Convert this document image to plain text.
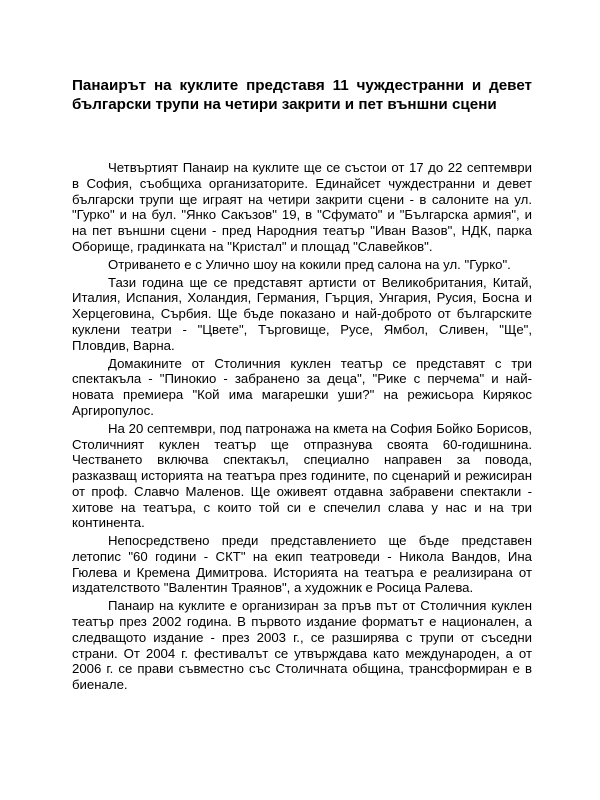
Панаирът на куклите представя 11 чуждестранни и девет български трупи на четири закрити и пет външни сцени

Четвъртият Панаир на куклите ще се състои от 17 до 22 септември в София, съобщиха организаторите. Единайсет чуждестранни и девет български трупи ще играят на четири закрити сцени - в салоните на ул. "Гурко" и на бул. "Янко Сакъзов" 19, в "Сфумато" и "Българска армия", и на пет външни сцени - пред Народния театър "Иван Вазов", НДК, парка Оборище, градинката на "Кристал" и площад "Славейков".

Отриването е с Улично шоу на кокили пред салона на ул. "Гурко".

Тази година ще се представят артисти от Великобритания, Китай, Италия, Испания, Холандия, Германия, Гърция, Унгария, Русия, Босна и Херцеговина, Сърбия. Ще бъде показано и най-доброто от българските куклени театри - "Цвете", Търговище, Русе, Ямбол, Сливен, "Ще", Пловдив, Варна.

Домакините от Столичния куклен театър се представят с три спектакъла - "Пинокио - забранено за деца", "Рике с перчема" и най-новата премиера "Кой има магарешки уши?" на режисьора Кирякос Аргиропулос.

На 20 септември, под патронажа на кмета на София Бойко Борисов, Столичният куклен театър ще отпразнува своята 60-годишнина. Честването включва спектакъл, специално направен за повода, разказващ историята на театъра през годините, по сценарий и режисиран от проф. Славчо Маленов. Ще оживеят отдавна забравени спектакли - хитове на театъра, с които той си е спечелил слава у нас и на три континента.

Непосредствено преди представлението ще бъде представен летопис "60 години - СКТ" на екип театроведи - Никола Вандов, Ина Гюлева и Кремена Димитрова. Историята на театъра е реализирана от издателството "Валентин Траянов", а художник е Росица Ралева.

Панаир на куклите е организиран за пръв път от Столичния куклен театър през 2002 година. В първото издание форматът е национален, а следващото издание - през 2003 г., се разширява с трупи от съседни страни. От 2004 г. фестивалът се утвърждава като международен, а от 2006 г. се прави съвместно със Столичната община, трансформиран е в биенале.
